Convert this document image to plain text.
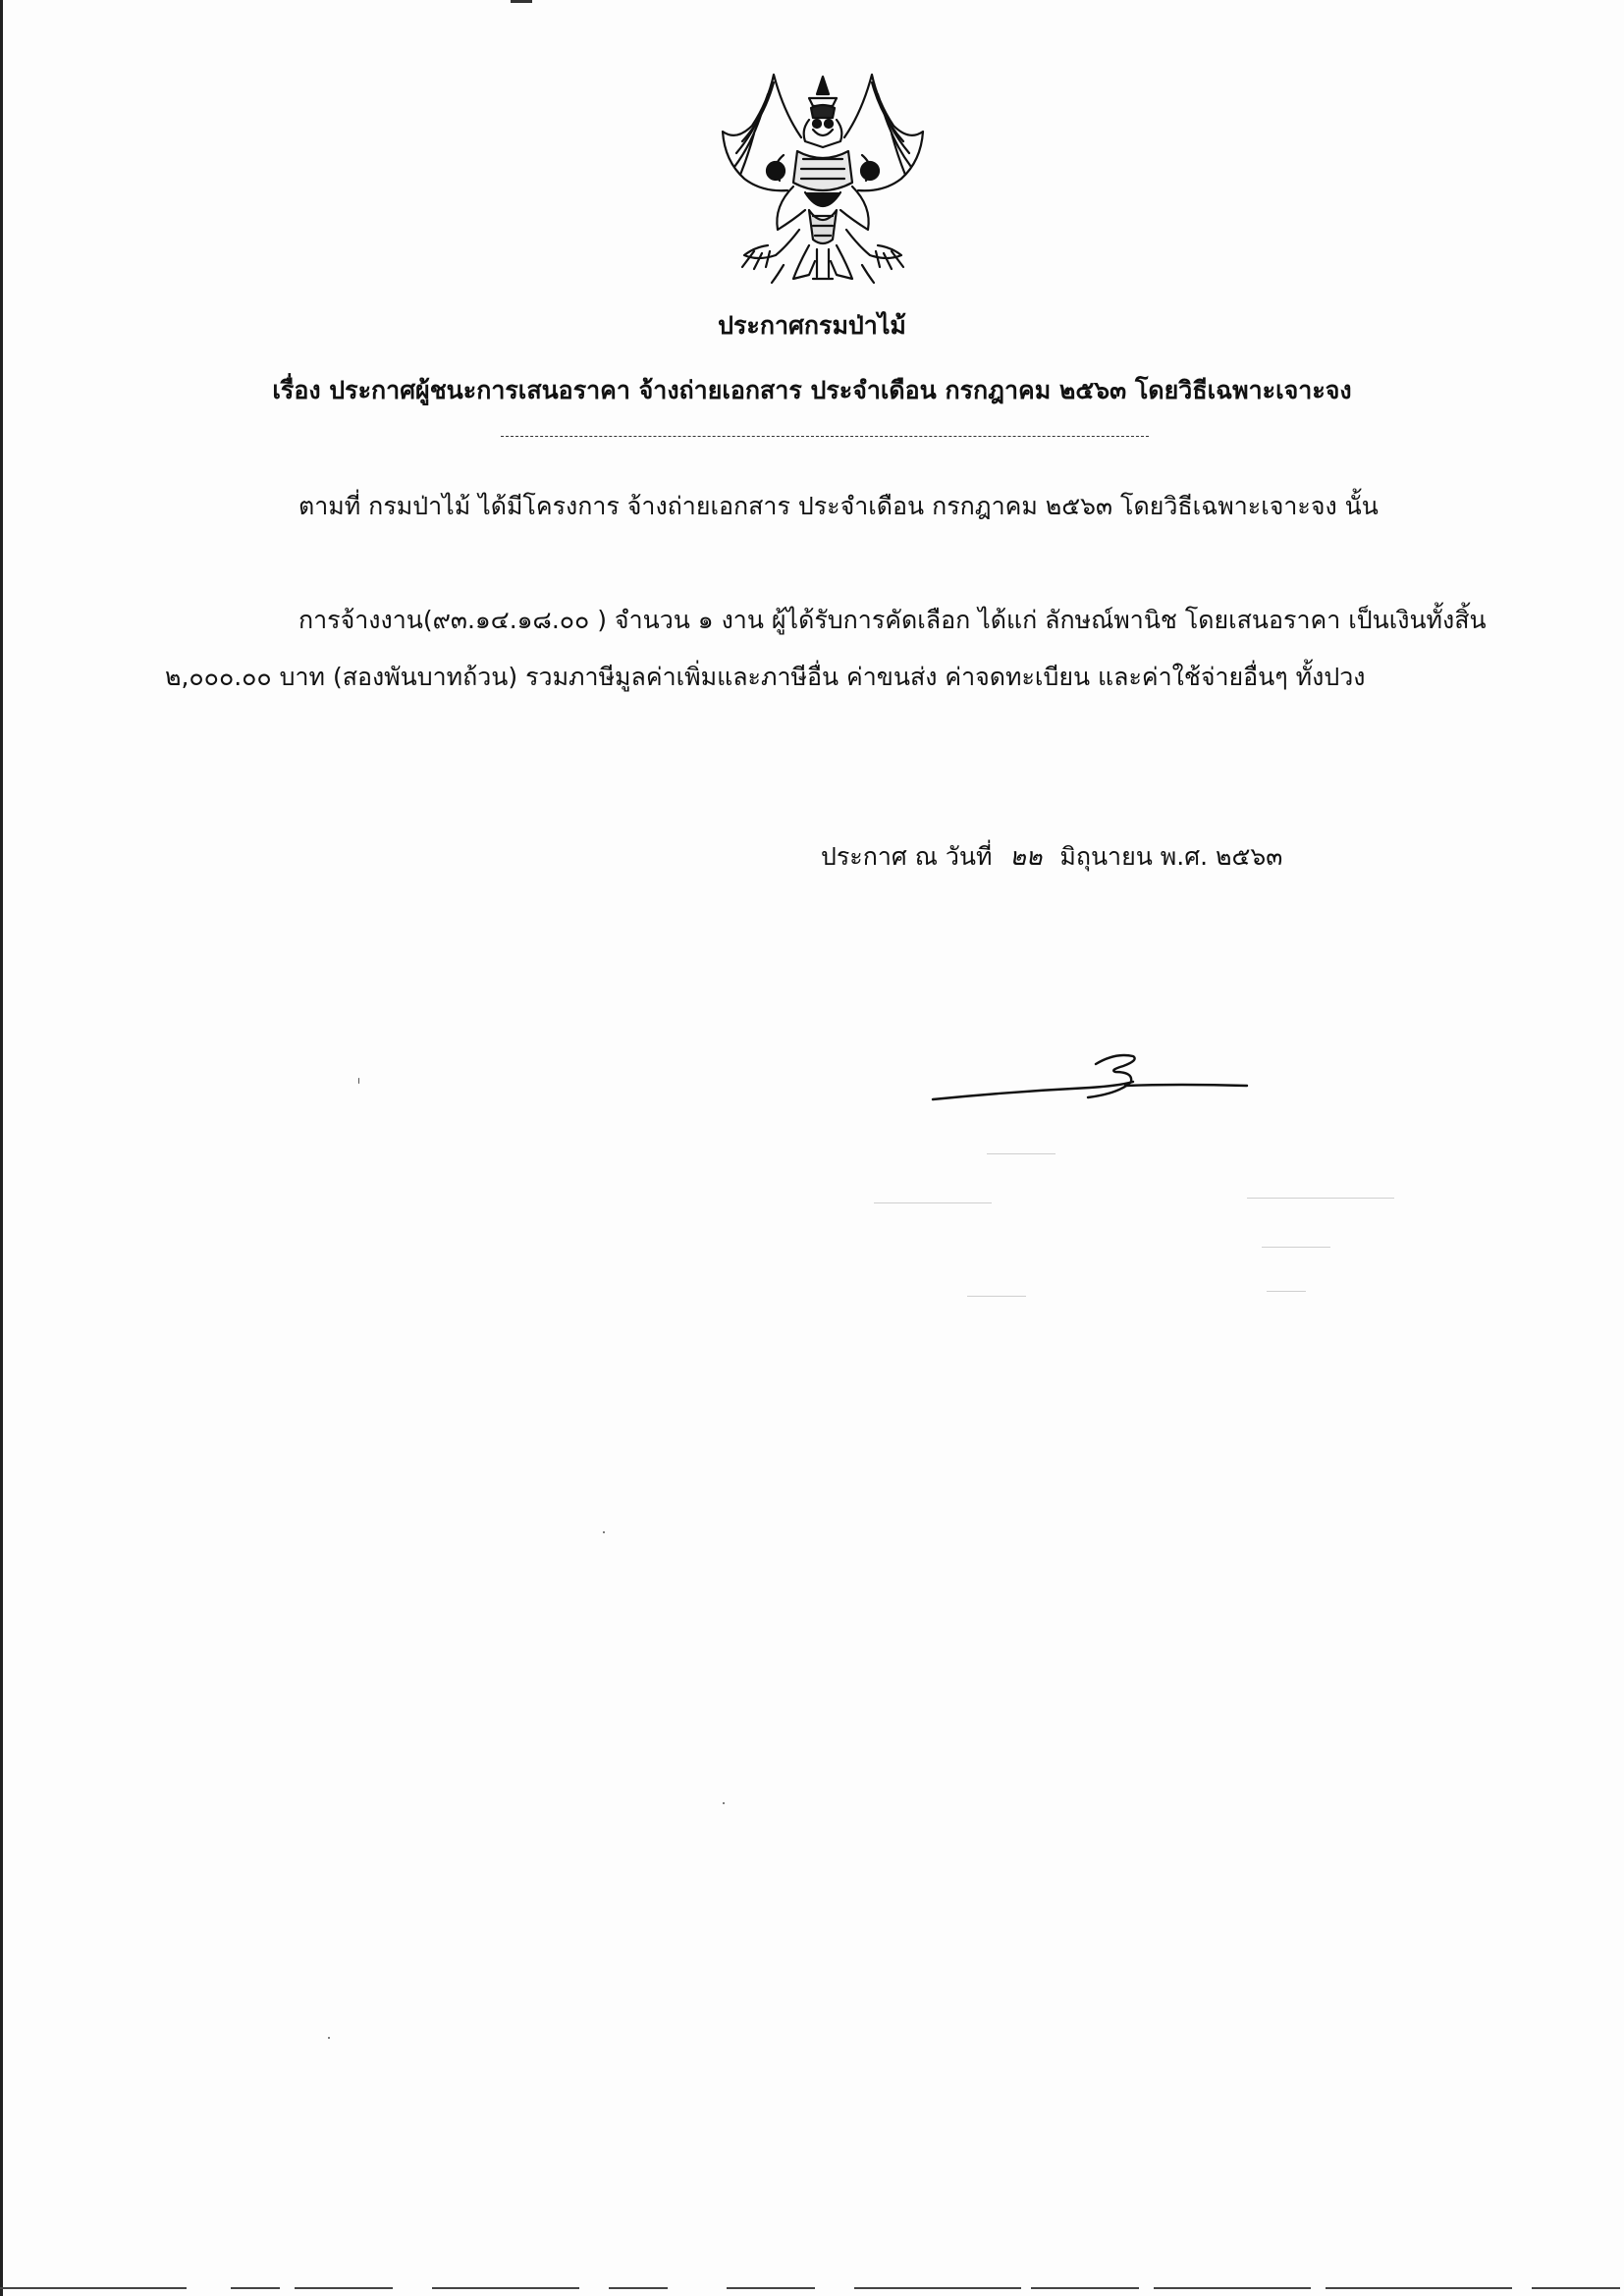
ประกาศกรมป่าไม้

เรื่อง ประกาศผู้ชนะการเสนอราคา จ้างถ่ายเอกสาร ประจำเดือน กรกฎาคม ๒๕๖๓ โดยวิธีเฉพาะเจาะจง

ตามที่ กรมป่าไม้ ได้มีโครงการ จ้างถ่ายเอกสาร ประจำเดือน กรกฎาคม ๒๕๖๓ โดยวิธีเฉพาะเจาะจง นั้น

การจ้างงาน(๙๓.๑๔.๑๘.๐๐ ) จำนวน ๑ งาน ผู้ได้รับการคัดเลือก ได้แก่ ลักษณ์พานิช โดยเสนอราคา เป็นเงินทั้งสิ้น ๒,๐๐๐.๐๐ บาท (สองพันบาทถ้วน) รวมภาษีมูลค่าเพิ่มและภาษีอื่น ค่าขนส่ง ค่าจดทะเบียน และค่าใช้จ่ายอื่นๆ ทั้งปวง

ประกาศ ณ วันที่ ๒๒ มิถุนายน พ.ศ. ๒๕๖๓
